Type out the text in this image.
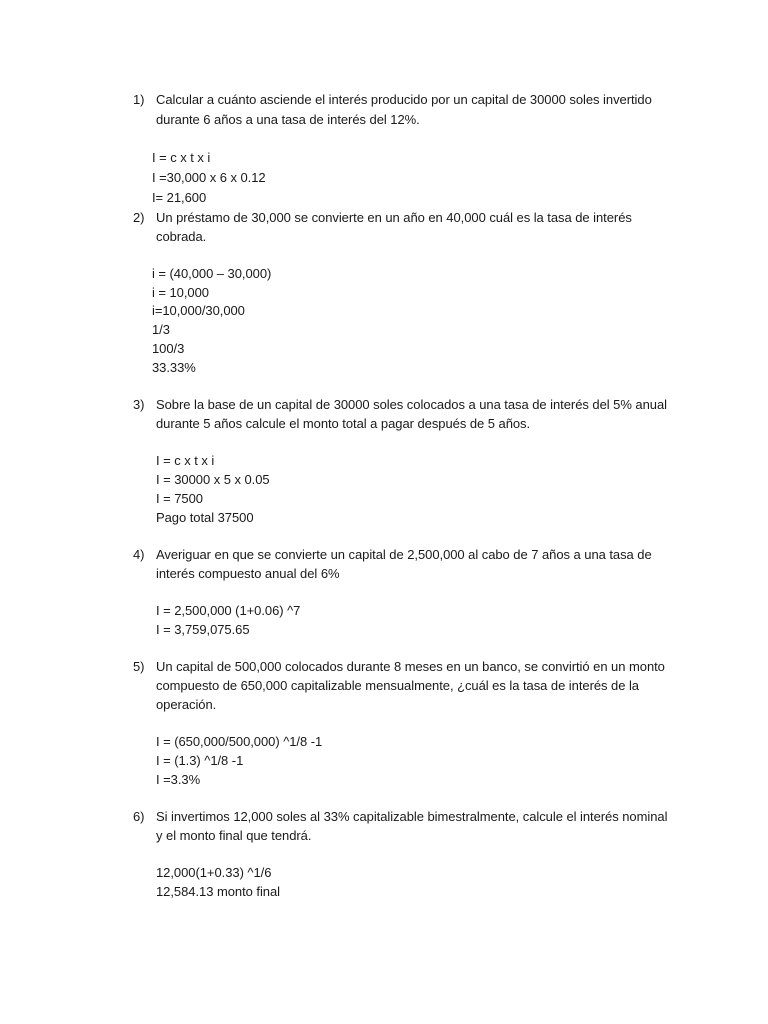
1) Calcular a cuánto asciende el interés producido por un capital de 30000 soles invertido

durante 6 años a una tasa de interés del 12%.

I = c x t x i

I =30,000 x 6 x 0.12

I= 21,600

2) Un préstamo de 30,000 se convierte en un año en 40,000 cuál es la tasa de interés

cobrada.

i = (40,000 – 30,000)

i = 10,000

i=10,000/30,000

1/3

100/3

33.33%

3) Sobre la base de un capital de 30000 soles colocados a una tasa de interés del 5% anual

durante 5 años calcule el monto total a pagar después de 5 años.

I = c x t x i

I = 30000 x 5 x 0.05

I = 7500

Pago total 37500

4) Averiguar en que se convierte un capital de 2,500,000 al cabo de 7 años a una tasa de

interés compuesto anual del 6%

I = 2,500,000 (1+0.06) ^7

I = 3,759,075.65

5) Un capital de 500,000 colocados durante 8 meses en un banco, se convirtió en un monto

compuesto de 650,000 capitalizable mensualmente, ¿cuál es la tasa de interés de la

operación.

I = (650,000/500,000) ^1/8 -1

I = (1.3) ^1/8 -1

I =3.3%

6) Si invertimos 12,000 soles al 33% capitalizable bimestralmente, calcule el interés nominal

y el monto final que tendrá.

12,000(1+0.33) ^1/6

12,584.13 monto final
